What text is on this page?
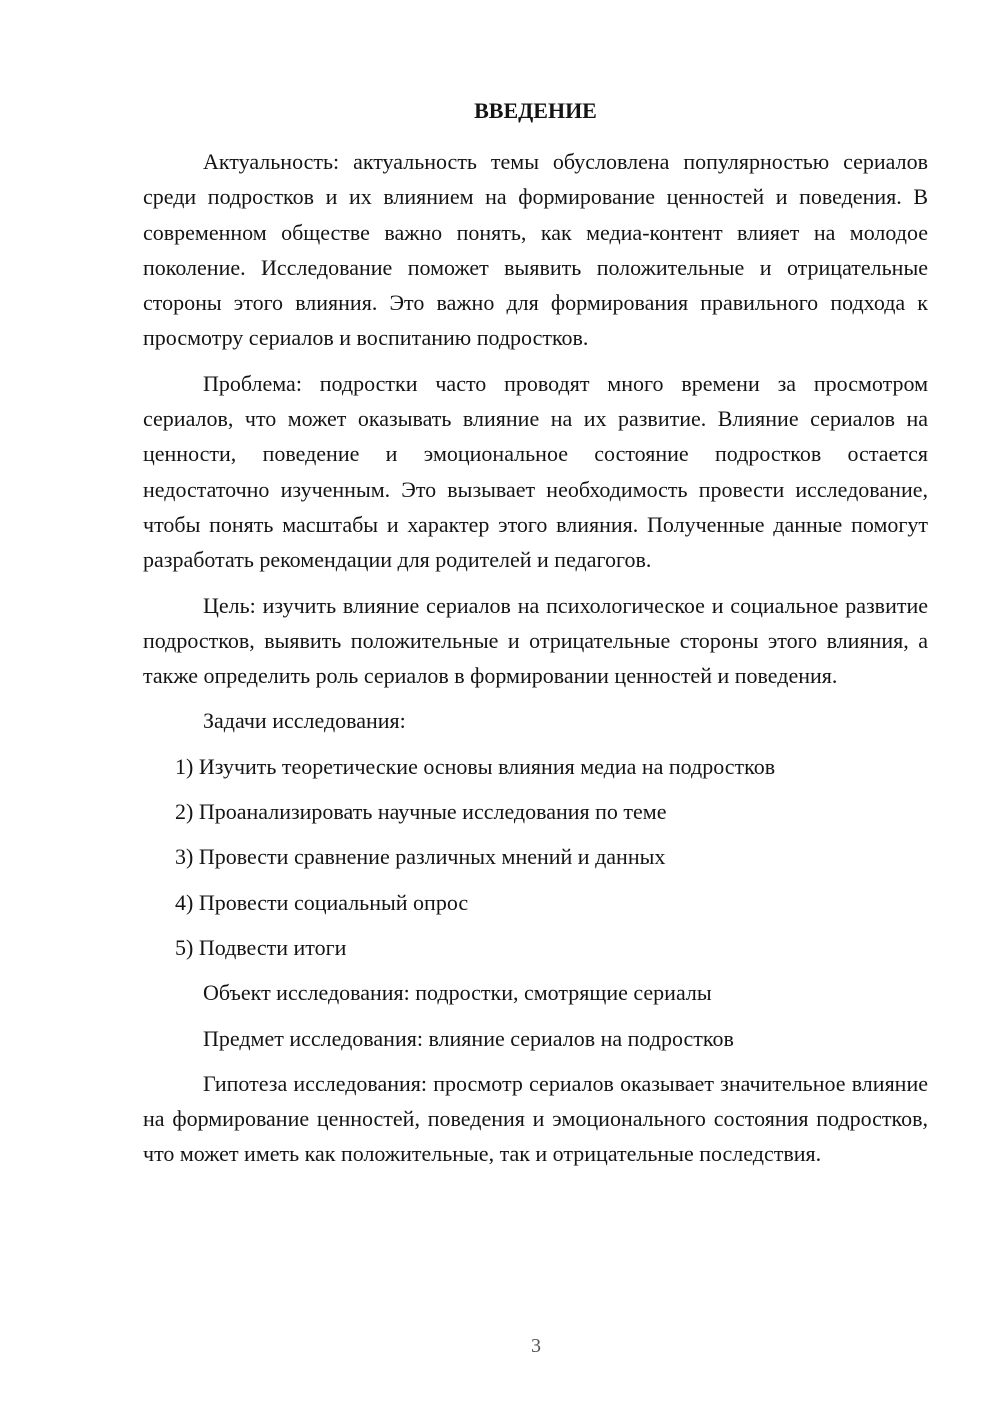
ВВЕДЕНИЕ

Актуальность: актуальность темы обусловлена популярностью сериалов среди подростков и их влиянием на формирование ценностей и поведения. В современном обществе важно понять, как медиа-контент влияет на молодое поколение. Исследование поможет выявить положительные и отрицательные стороны этого влияния. Это важно для формирования правильного подхода к просмотру сериалов и воспитанию подростков.

Проблема: подростки часто проводят много времени за просмотром сериалов, что может оказывать влияние на их развитие. Влияние сериалов на ценности, поведение и эмоциональное состояние подростков остается недостаточно изученным. Это вызывает необходимость провести исследование, чтобы понять масштабы и характер этого влияния. Полученные данные помогут разработать рекомендации для родителей и педагогов.

Цель: изучить влияние сериалов на психологическое и социальное развитие подростков, выявить положительные и отрицательные стороны этого влияния, а также определить роль сериалов в формировании ценностей и поведения.

Задачи исследования:
1) Изучить теоретические основы влияния медиа на подростков
2) Проанализировать научные исследования по теме
3) Провести сравнение различных мнений и данных
4) Провести социальный опрос
5) Подвести итоги
Объект исследования: подростки, смотрящие сериалы
Предмет исследования: влияние сериалов на подростков

Гипотеза исследования: просмотр сериалов оказывает значительное влияние на формирование ценностей, поведения и эмоционального состояния подростков, что может иметь как положительные, так и отрицательные последствия.

3
